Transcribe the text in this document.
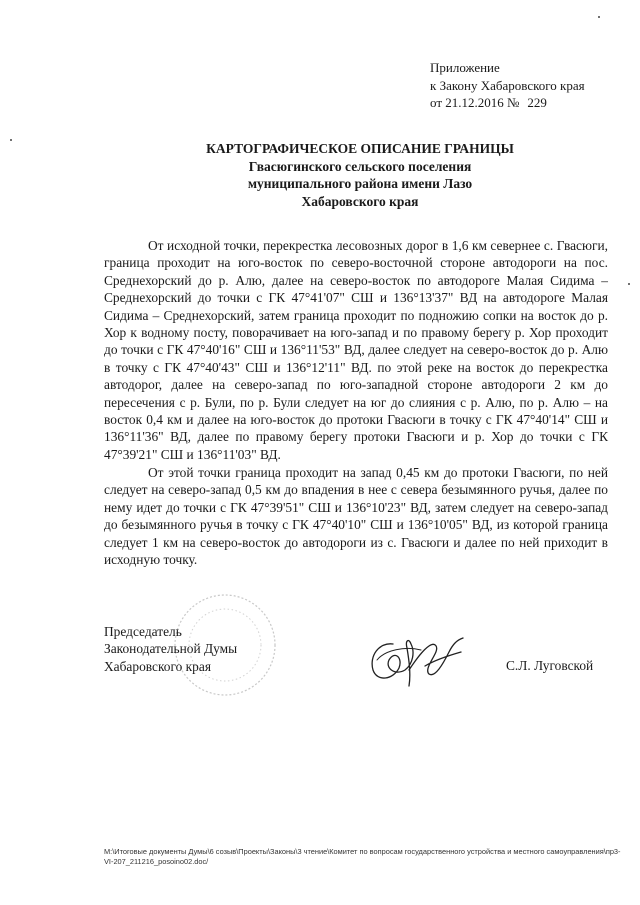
Приложение
к Закону Хабаровского края
от 21.12.2016 № 229
КАРТОГРАФИЧЕСКОЕ ОПИСАНИЕ ГРАНИЦЫ
Гвасюгинского сельского поселения
муниципального района имени Лазо
Хабаровского края

От исходной точки, перекрестка лесовозных дорог в 1,6 км севернее с. Гвасюги, граница проходит на юго-восток по северо-восточной стороне автодороги на пос. Среднехорский до р. Алю, далее на северо-восток по автодороге Малая Сидима – Среднехорский до точки с ГК 47°41'07" СШ и 136°13'37" ВД на автодороге Малая Сидима – Среднехорский, затем граница проходит по подножию сопки на восток до р. Хор к водному посту, поворачивает на юго-запад и по правому берегу р. Хор проходит до точки с ГК 47°40'16" СШ и 136°11'53" ВД, далее следует на северо-восток до р. Алю в точку с ГК 47°40'43" СШ и 136°12'11" ВД. по этой реке на восток до перекрестка автодорог, далее на северо-запад по юго-западной стороне автодороги 2 км до пересечения с р. Були, по р. Були следует на юг до слияния с р. Алю, по р. Алю – на восток 0,4 км и далее на юго-восток до протоки Гвасюги в точку с ГК 47°40'14" СШ и 136°11'36" ВД, далее по правому берегу протоки Гвасюги и р. Хор до точки с ГК 47°39'21" СШ и 136°11'03" ВД.

От этой точки граница проходит на запад 0,45 км до протоки Гвасюги, по ней следует на северо-запад 0,5 км до впадения в нее с севера безымянного ручья, далее по нему идет до точки с ГК 47°39'51" СШ и 136°10'23" ВД, затем следует на северо-запад до безымянного ручья в точку с ГК 47°40'10" СШ и 136°10'05" ВД, из которой граница следует 1 км на северо-восток до автодороги из с. Гвасюги и далее по ней приходит в исходную точку.

Председатель
Законодательной Думы
Хабаровского края	С.Л. Луговской
M:\Итоговые документы Думы\6 созыв\Проекты\Законы\3 чтение\Комитет по вопросам государственного устройства и местного самоуправления\пр3-VI-207_211216_posoino02.doc/
